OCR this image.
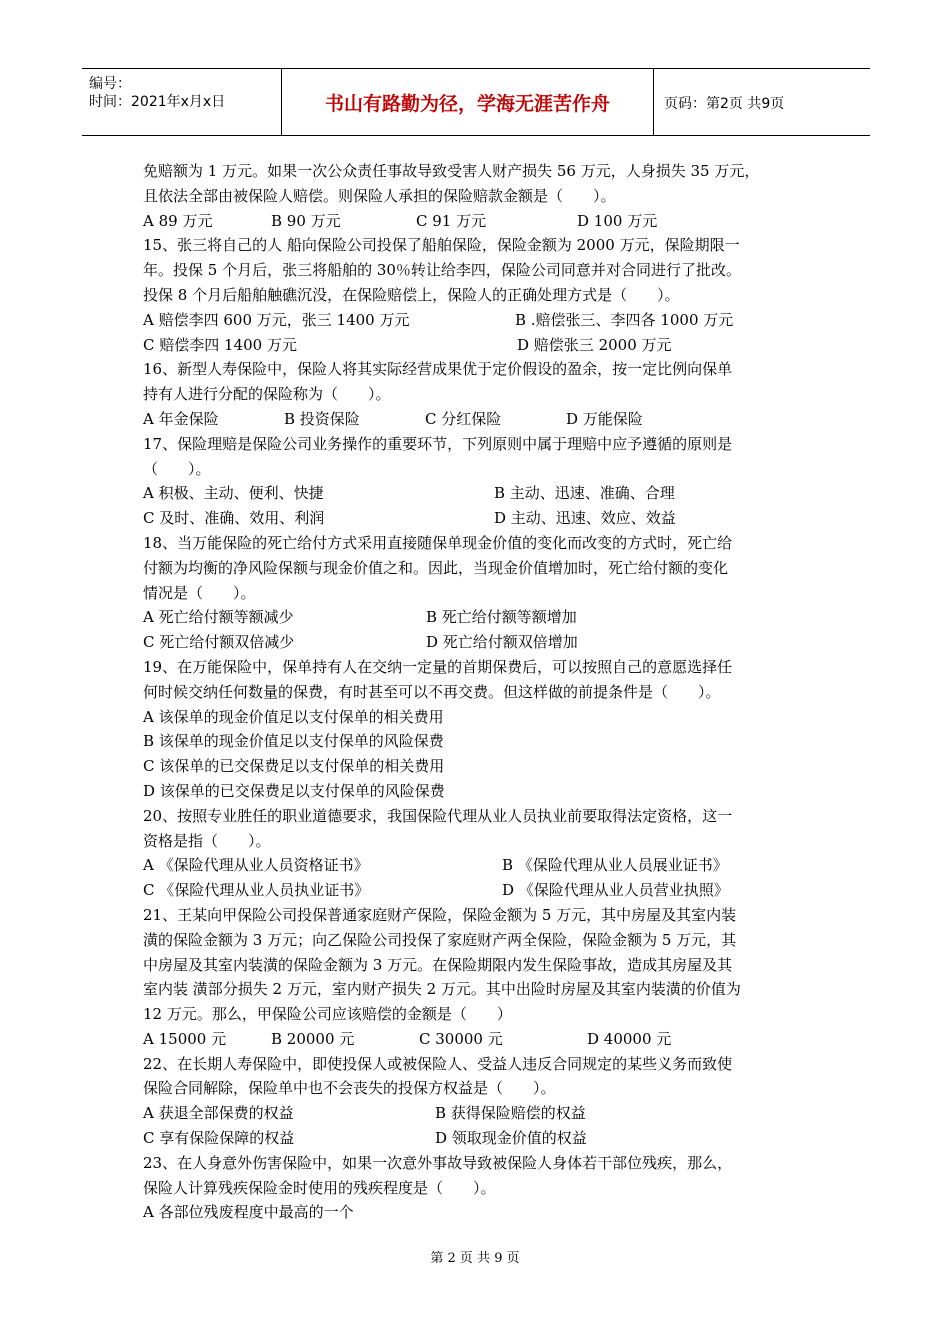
编号：
时间：2021年x月x日	书山有路勤为径，学海无涯苦作舟	页码：第2页 共9页
免赔额为 1 万元。如果一次公众责任事故导致受害人财产损失 56 万元，人身损失 35 万元，
且依法全部由被保险人赔偿。则保险人承担的保险赔款金额是（　　）。
A 89 万元	B 90 万元	C 91 万元	D 100 万元
15、张三将自己的人 船向保险公司投保了船舶保险，保险金额为 2000 万元，保险期限一
年。投保 5 个月后，张三将船舶的 30％转让给李四，保险公司同意并对合同进行了批改。
投保 8 个月后船舶触礁沉没，在保险赔偿上，保险人的正确处理方式是（　　）。
A 赔偿李四 600 万元，张三 1400 万元	B .赔偿张三、李四各 1000 万元
C 赔偿李四 1400 万元	D 赔偿张三 2000 万元
16、新型人寿保险中，保险人将其实际经营成果优于定价假设的盈余，按一定比例向保单
持有人进行分配的保险称为（　　）。
A 年金保险	B 投资保险	C 分红保险	D 万能保险
17、保险理赔是保险公司业务操作的重要环节，下列原则中属于理赔中应予遵循的原则是
（　　）。
A 积极、主动、便利、快捷	B 主动、迅速、准确、合理
C 及时、准确、效用、利润	D 主动、迅速、效应、效益
18、当万能保险的死亡给付方式采用直接随保单现金价值的变化而改变的方式时，死亡给
付额为均衡的净风险保额与现金价值之和。因此，当现金价值增加时，死亡给付额的变化
情况是（　　）。
A 死亡给付额等额减少	B 死亡给付额等额增加
C 死亡给付额双倍减少	D 死亡给付额双倍增加
19、在万能保险中，保单持有人在交纳一定量的首期保费后，可以按照自己的意愿选择任
何时候交纳任何数量的保费，有时甚至可以不再交费。但这样做的前提条件是（　　）。
A 该保单的现金价值足以支付保单的相关费用
B 该保单的现金价值足以支付保单的风险保费
C 该保单的已交保费足以支付保单的相关费用
D 该保单的已交保费足以支付保单的风险保费
20、按照专业胜任的职业道德要求，我国保险代理从业人员执业前要取得法定资格，这一
资格是指（　　）。
A 《保险代理从业人员资格证书》	B 《保险代理从业人员展业证书》
C 《保险代理从业人员执业证书》	D 《保险代理从业人员营业执照》
21、王某向甲保险公司投保普通家庭财产保险，保险金额为 5 万元，其中房屋及其室内装
潢的保险金额为 3 万元；向乙保险公司投保了家庭财产两全保险，保险金额为 5 万元，其
中房屋及其室内装潢的保险金额为 3 万元。在保险期限内发生保险事故，造成其房屋及其
室内装 潢部分损失 2 万元，室内财产损失 2 万元。其中出险时房屋及其室内装潢的价值为
12 万元。那么，甲保险公司应该赔偿的金额是（　　）
A 15000 元	B 20000 元	C 30000 元	D 40000 元
22、在长期人寿保险中，即使投保人或被保险人、受益人违反合同规定的某些义务而致使
保险合同解除，保险单中也不会丧失的投保方权益是（　　）。
A 获退全部保费的权益	B 获得保险赔偿的权益
C 享有保险保障的权益	D 领取现金价值的权益
23、在人身意外伤害保险中，如果一次意外事故导致被保险人身体若干部位残疾，那么，
保险人计算残疾保险金时使用的残疾程度是（　　）。
A 各部位残废程度中最高的一个
第 2 页 共 9 页
